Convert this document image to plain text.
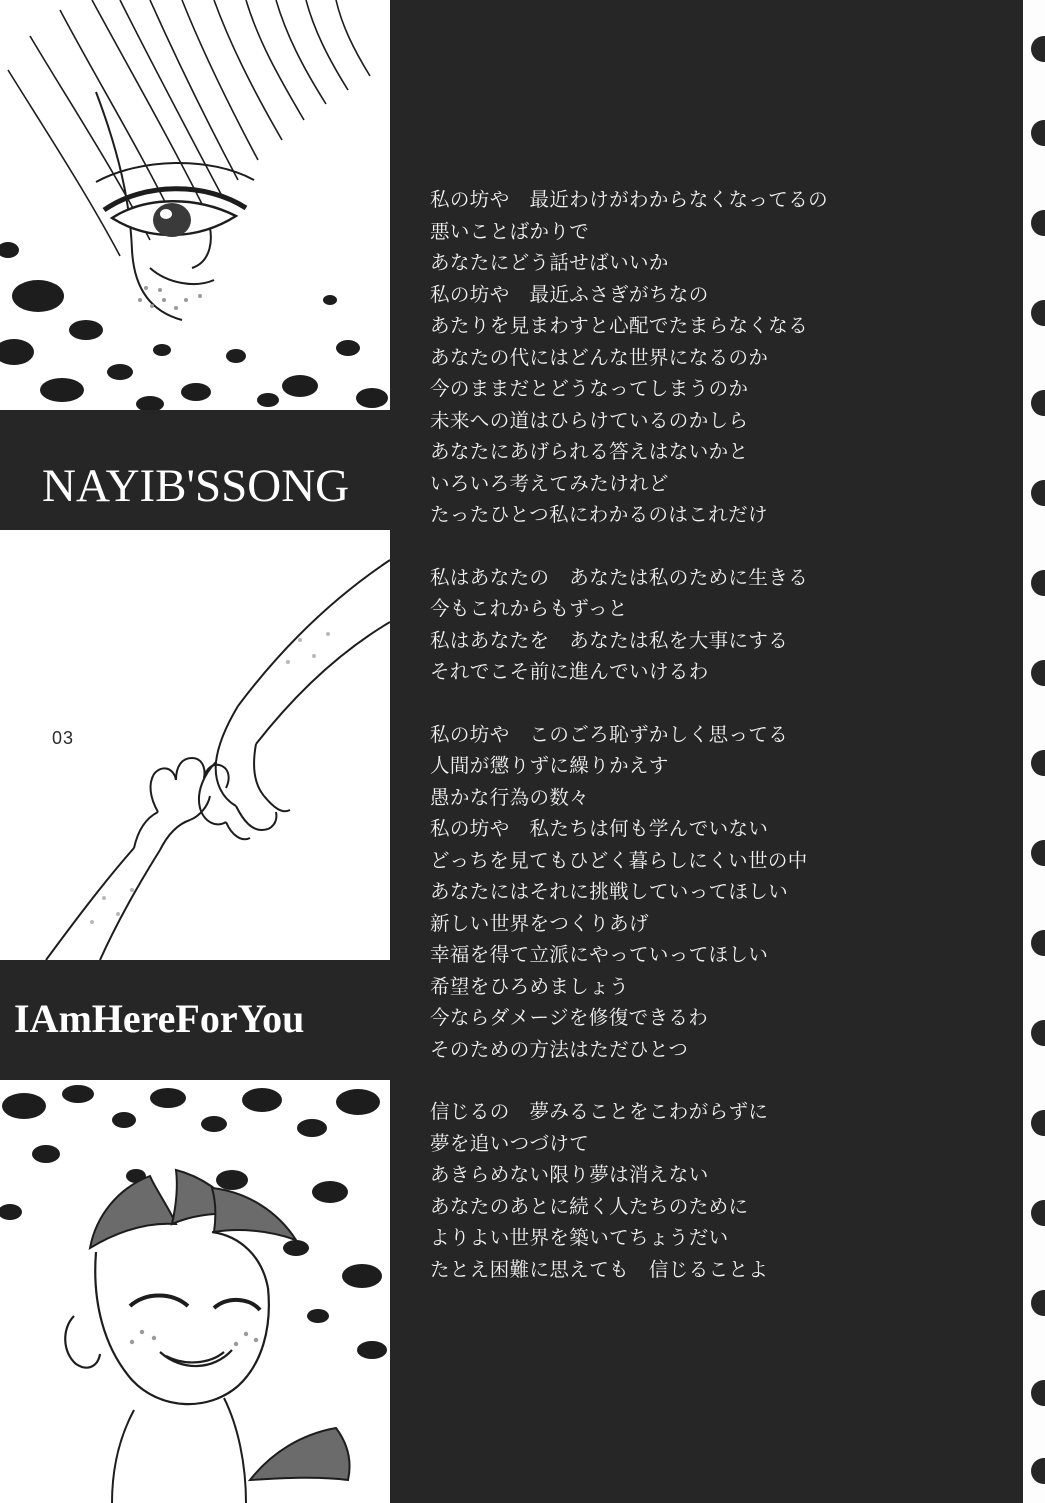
NAYIB'SSONG
03
IAmHereForYou
私の坊や　最近わけがわからなくなってるの
悪いことばかりで
あなたにどう話せばいいか
私の坊や　最近ふさぎがちなの
あたりを見まわすと心配でたまらなくなる
あなたの代にはどんな世界になるのか
今のままだとどうなってしまうのか
未来への道はひらけているのかしら
あなたにあげられる答えはないかと
いろいろ考えてみたけれど
たったひとつ私にわかるのはこれだけ
私はあなたの　あなたは私のために生きる
今もこれからもずっと
私はあなたを　あなたは私を大事にする
それでこそ前に進んでいけるわ
私の坊や　このごろ恥ずかしく思ってる
人間が懲りずに繰りかえす
愚かな行為の数々
私の坊や　私たちは何も学んでいない
どっちを見てもひどく暮らしにくい世の中
あなたにはそれに挑戦していってほしい
新しい世界をつくりあげ
幸福を得て立派にやっていってほしい
希望をひろめましょう
今ならダメージを修復できるわ
そのための方法はただひとつ
信じるの　夢みることをこわがらずに
夢を追いつづけて
あきらめない限り夢は消えない
あなたのあとに続く人たちのために
よりよい世界を築いてちょうだい
たとえ困難に思えても　信じることよ
